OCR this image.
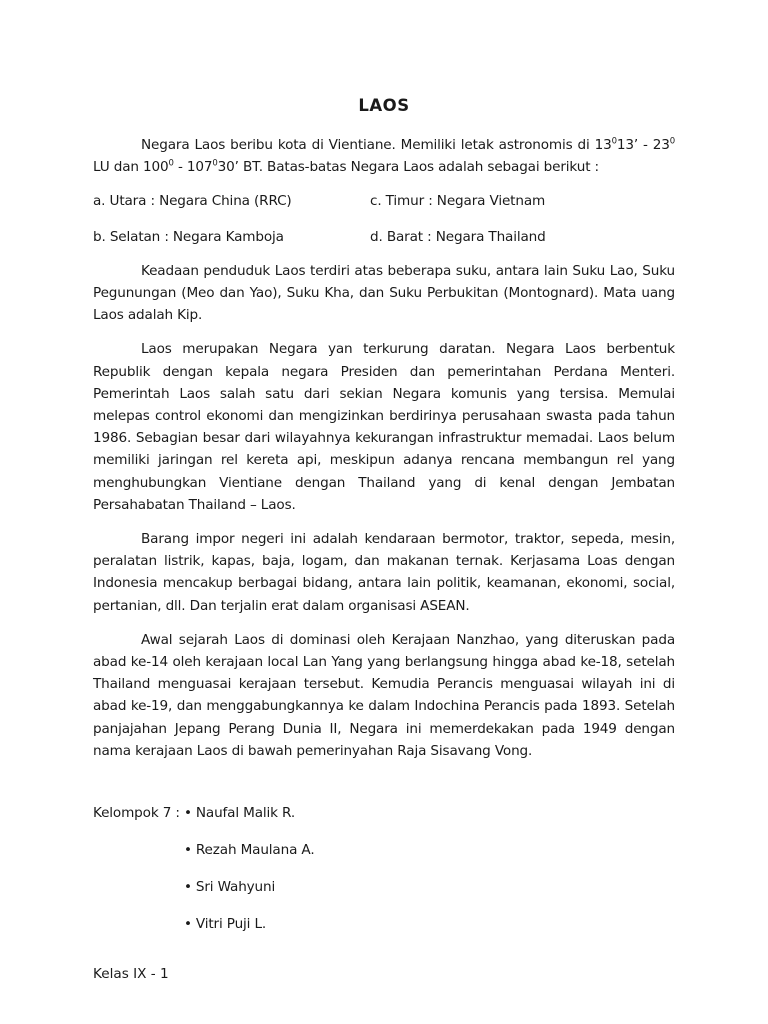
LAOS

Negara Laos beribu kota di Vientiane. Memiliki letak astronomis di $13^013$’ - $23^0$ LU dan $100^0 - 107^030$’ BT. Batas-batas Negara Laos adalah sebagai berikut :

a. Utara : Negara China (RRC)	c. Timur : Negara Vietnam
b. Selatan : Negara Kamboja	d. Barat : Negara Thailand

Keadaan penduduk Laos terdiri atas beberapa suku, antara lain Suku Lao, Suku Pegunungan (Meo dan Yao), Suku Kha, dan Suku Perbukitan (Montognard). Mata uang Laos adalah Kip.

Laos merupakan Negara yan terkurung daratan. Negara Laos berbentuk Republik dengan kepala negara Presiden dan pemerintahan Perdana Menteri. Pemerintah Laos salah satu dari sekian Negara komunis yang tersisa. Memulai melepas control ekonomi dan mengizinkan berdirinya perusahaan swasta pada tahun 1986. Sebagian besar dari wilayahnya kekurangan infrastruktur memadai. Laos belum memiliki jaringan rel kereta api, meskipun adanya rencana membangun rel yang menghubungkan Vientiane dengan Thailand yang di kenal dengan Jembatan Persahabatan Thailand – Laos.

Barang impor negeri ini adalah kendaraan bermotor, traktor, sepeda, mesin, peralatan listrik, kapas, baja, logam, dan makanan ternak. Kerjasama Loas dengan Indonesia mencakup berbagai bidang, antara lain politik, keamanan, ekonomi, social, pertanian, dll. Dan terjalin erat dalam organisasi ASEAN.

Awal sejarah Laos di dominasi oleh Kerajaan Nanzhao, yang diteruskan pada abad ke-14 oleh kerajaan local Lan Yang yang berlangsung hingga abad ke-18, setelah Thailand menguasai kerajaan tersebut. Kemudia Perancis menguasai wilayah ini di abad ke-19, dan menggabungkannya ke dalam Indochina Perancis pada 1893. Setelah panjajahan Jepang Perang Dunia II, Negara ini memerdekakan pada 1949 dengan nama kerajaan Laos di bawah pemerinyahan Raja Sisavang Vong.

Kelompok 7 : • Naufal Malik R.
• Rezah Maulana A.
• Sri Wahyuni
• Vitri Puji L.
Kelas IX - 1
